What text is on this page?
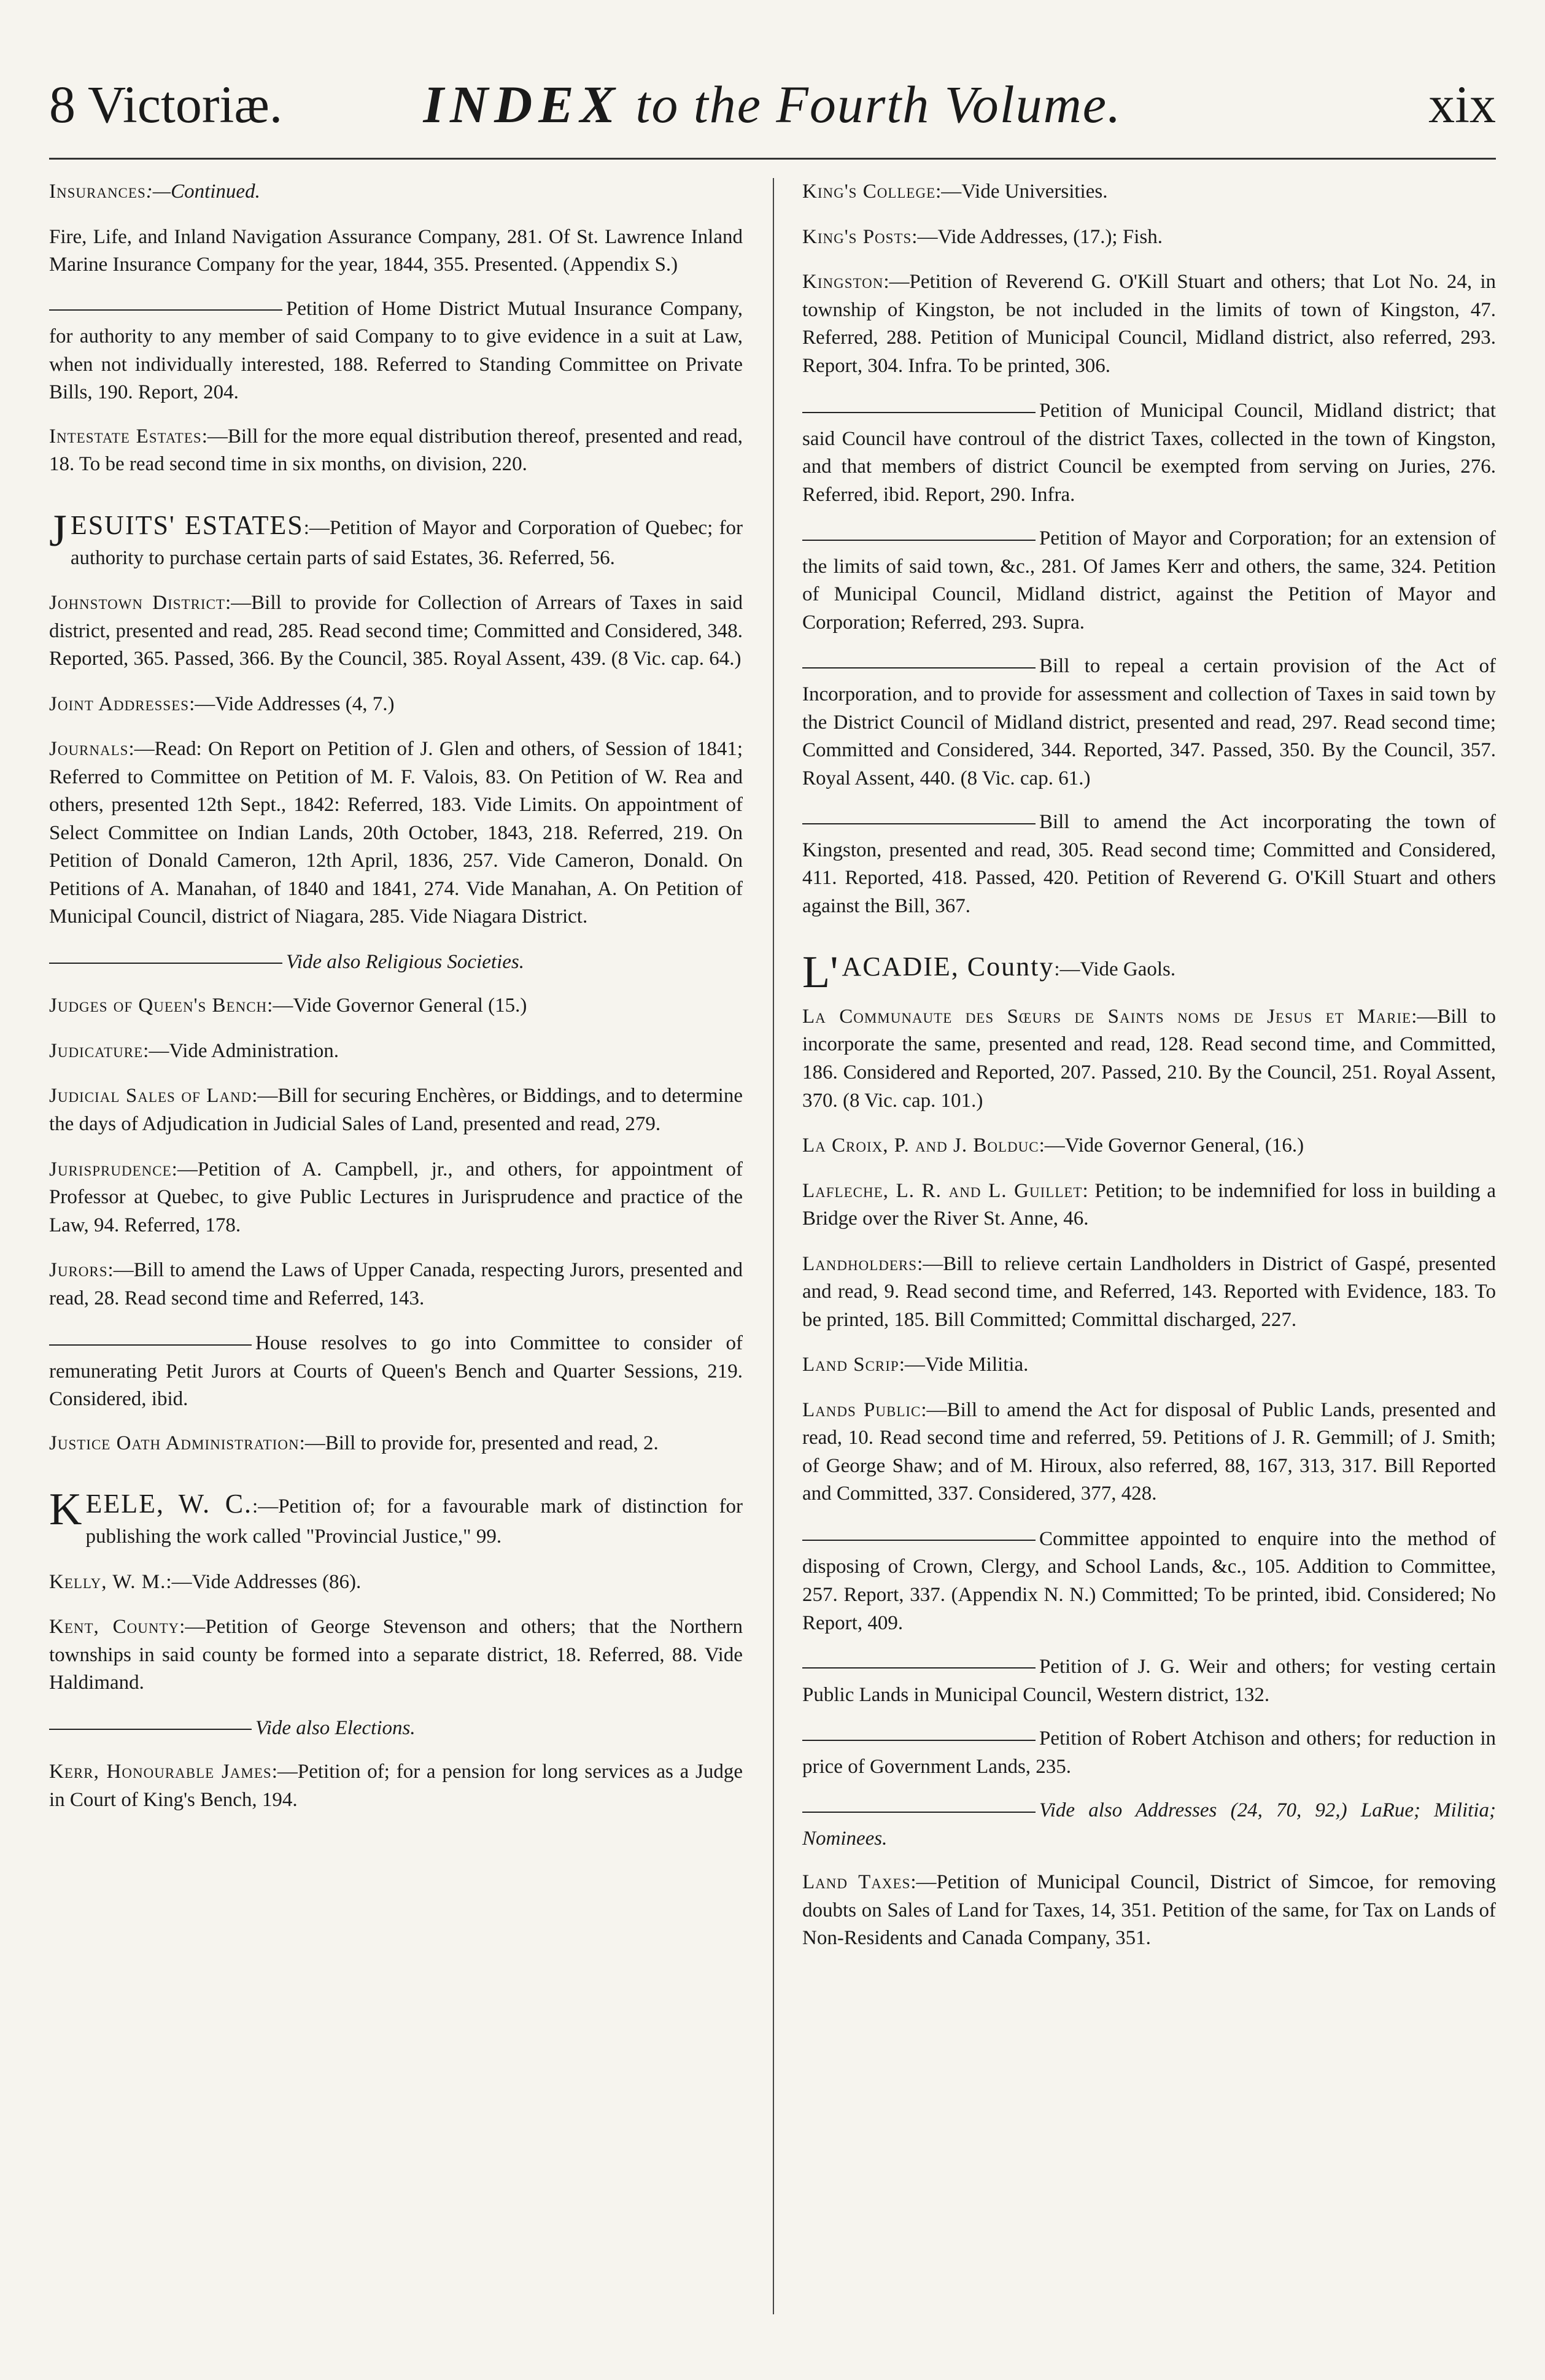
8 Victoriæ.	INDEX to the Fourth Volume.	xix
Insurances:—Continued.
Fire, Life, and Inland Navigation Assurance Company, 281. Of St. Lawrence Inland Marine Insurance Company for the year, 1844, 355. Presented. (Appendix S.)
Petition of Home District Mutual Insurance Company, for authority to any member of said Company to to give evidence in a suit at Law, when not individually interested, 188. Referred to Standing Committee on Private Bills, 190. Report, 204.
Intestate Estates:—Bill for the more equal distribution thereof, presented and read, 18. To be read second time in six months, on division, 220.
JESUITS' ESTATES:—Petition of Mayor and Corporation of Quebec; for authority to purchase certain parts of said Estates, 36. Referred, 56.
Johnstown District:—Bill to provide for Collection of Arrears of Taxes in said district, presented and read, 285. Read second time; Committed and Considered, 348. Reported, 365. Passed, 366. By the Council, 385. Royal Assent, 439. (8 Vic. cap. 64.)
Joint Addresses:—Vide Addresses (4, 7.)
Journals:—Read: On Report on Petition of J. Glen and others, of Session of 1841; Referred to Committee on Petition of M. F. Valois, 83. On Petition of W. Rea and others, presented 12th Sept., 1842: Referred, 183. Vide Limits. On appointment of Select Committee on Indian Lands, 20th October, 1843, 218. Referred, 219. On Petition of Donald Cameron, 12th April, 1836, 257. Vide Cameron, Donald. On Petitions of A. Manahan, of 1840 and 1841, 274. Vide Manahan, A. On Petition of Municipal Council, district of Niagara, 285. Vide Niagara District.
Vide also Religious Societies.
Judges of Queen's Bench:—Vide Governor General (15.)
Judicature:—Vide Administration.
Judicial Sales of Land:—Bill for securing Enchères, or Biddings, and to determine the days of Adjudication in Judicial Sales of Land, presented and read, 279.
Jurisprudence:—Petition of A. Campbell, jr., and others, for appointment of Professor at Quebec, to give Public Lectures in Jurisprudence and practice of the Law, 94. Referred, 178.
Jurors:—Bill to amend the Laws of Upper Canada, respecting Jurors, presented and read, 28. Read second time and Referred, 143.
House resolves to go into Committee to consider of remunerating Petit Jurors at Courts of Queen's Bench and Quarter Sessions, 219. Considered, ibid.
Justice Oath Administration:—Bill to provide for, presented and read, 2.
KEELE, W. C.:—Petition of; for a favourable mark of distinction for publishing the work called "Provincial Justice," 99.
Kelly, W. M.:—Vide Addresses (86).
Kent, County:—Petition of George Stevenson and others; that the Northern townships in said county be formed into a separate district, 18. Referred, 88. Vide Haldimand.
Vide also Elections.
Kerr, Honourable James:—Petition of; for a pension for long services as a Judge in Court of King's Bench, 194.
King's College:—Vide Universities.
King's Posts:—Vide Addresses, (17.); Fish.
Kingston:—Petition of Reverend G. O'Kill Stuart and others; that Lot No. 24, in township of Kingston, be not included in the limits of town of Kingston, 47. Referred, 288. Petition of Municipal Council, Midland district, also referred, 293. Report, 304. Infra. To be printed, 306.
Petition of Municipal Council, Midland district; that said Council have controul of the district Taxes, collected in the town of Kingston, and that members of district Council be exempted from serving on Juries, 276. Referred, ibid. Report, 290. Infra.
Petition of Mayor and Corporation; for an extension of the limits of said town, &c., 281. Of James Kerr and others, the same, 324. Petition of Municipal Council, Midland district, against the Petition of Mayor and Corporation; Referred, 293. Supra.
Bill to repeal a certain provision of the Act of Incorporation, and to provide for assessment and collection of Taxes in said town by the District Council of Midland district, presented and read, 297. Read second time; Committed and Considered, 344. Reported, 347. Passed, 350. By the Council, 357. Royal Assent, 440. (8 Vic. cap. 61.)
Bill to amend the Act incorporating the town of Kingston, presented and read, 305. Read second time; Committed and Considered, 411. Reported, 418. Passed, 420. Petition of Reverend G. O'Kill Stuart and others against the Bill, 367.
L' ACADIE, County:—Vide Gaols.
La Communaute des Sœurs de Saints noms de Jesus et Marie:—Bill to incorporate the same, presented and read, 128. Read second time, and Committed, 186. Considered and Reported, 207. Passed, 210. By the Council, 251. Royal Assent, 370. (8 Vic. cap. 101.)
La Croix, P. and J. Bolduc:—Vide Governor General, (16.)
Lafleche, L. R. and L. Guillet: Petition; to be indemnified for loss in building a Bridge over the River St. Anne, 46.
Landholders:—Bill to relieve certain Landholders in District of Gaspé, presented and read, 9. Read second time, and Referred, 143. Reported with Evidence, 183. To be printed, 185. Bill Committed; Committal discharged, 227.
Land Scrip:—Vide Militia.
Lands Public:—Bill to amend the Act for disposal of Public Lands, presented and read, 10. Read second time and referred, 59. Petitions of J. R. Gemmill; of J. Smith; of George Shaw; and of M. Hiroux, also referred, 88, 167, 313, 317. Bill Reported and Committed, 337. Considered, 377, 428.
Committee appointed to enquire into the method of disposing of Crown, Clergy, and School Lands, &c., 105. Addition to Committee, 257. Report, 337. (Appendix N. N.) Committed; To be printed, ibid. Considered; No Report, 409.
Petition of J. G. Weir and others; for vesting certain Public Lands in Municipal Council, Western district, 132.
Petition of Robert Atchison and others; for reduction in price of Government Lands, 235.
Vide also Addresses (24, 70, 92,) LaRue; Militia; Nominees.
Land Taxes:—Petition of Municipal Council, District of Simcoe, for removing doubts on Sales of Land for Taxes, 14, 351. Petition of the same, for Tax on Lands of Non-Residents and Canada Company, 351.
